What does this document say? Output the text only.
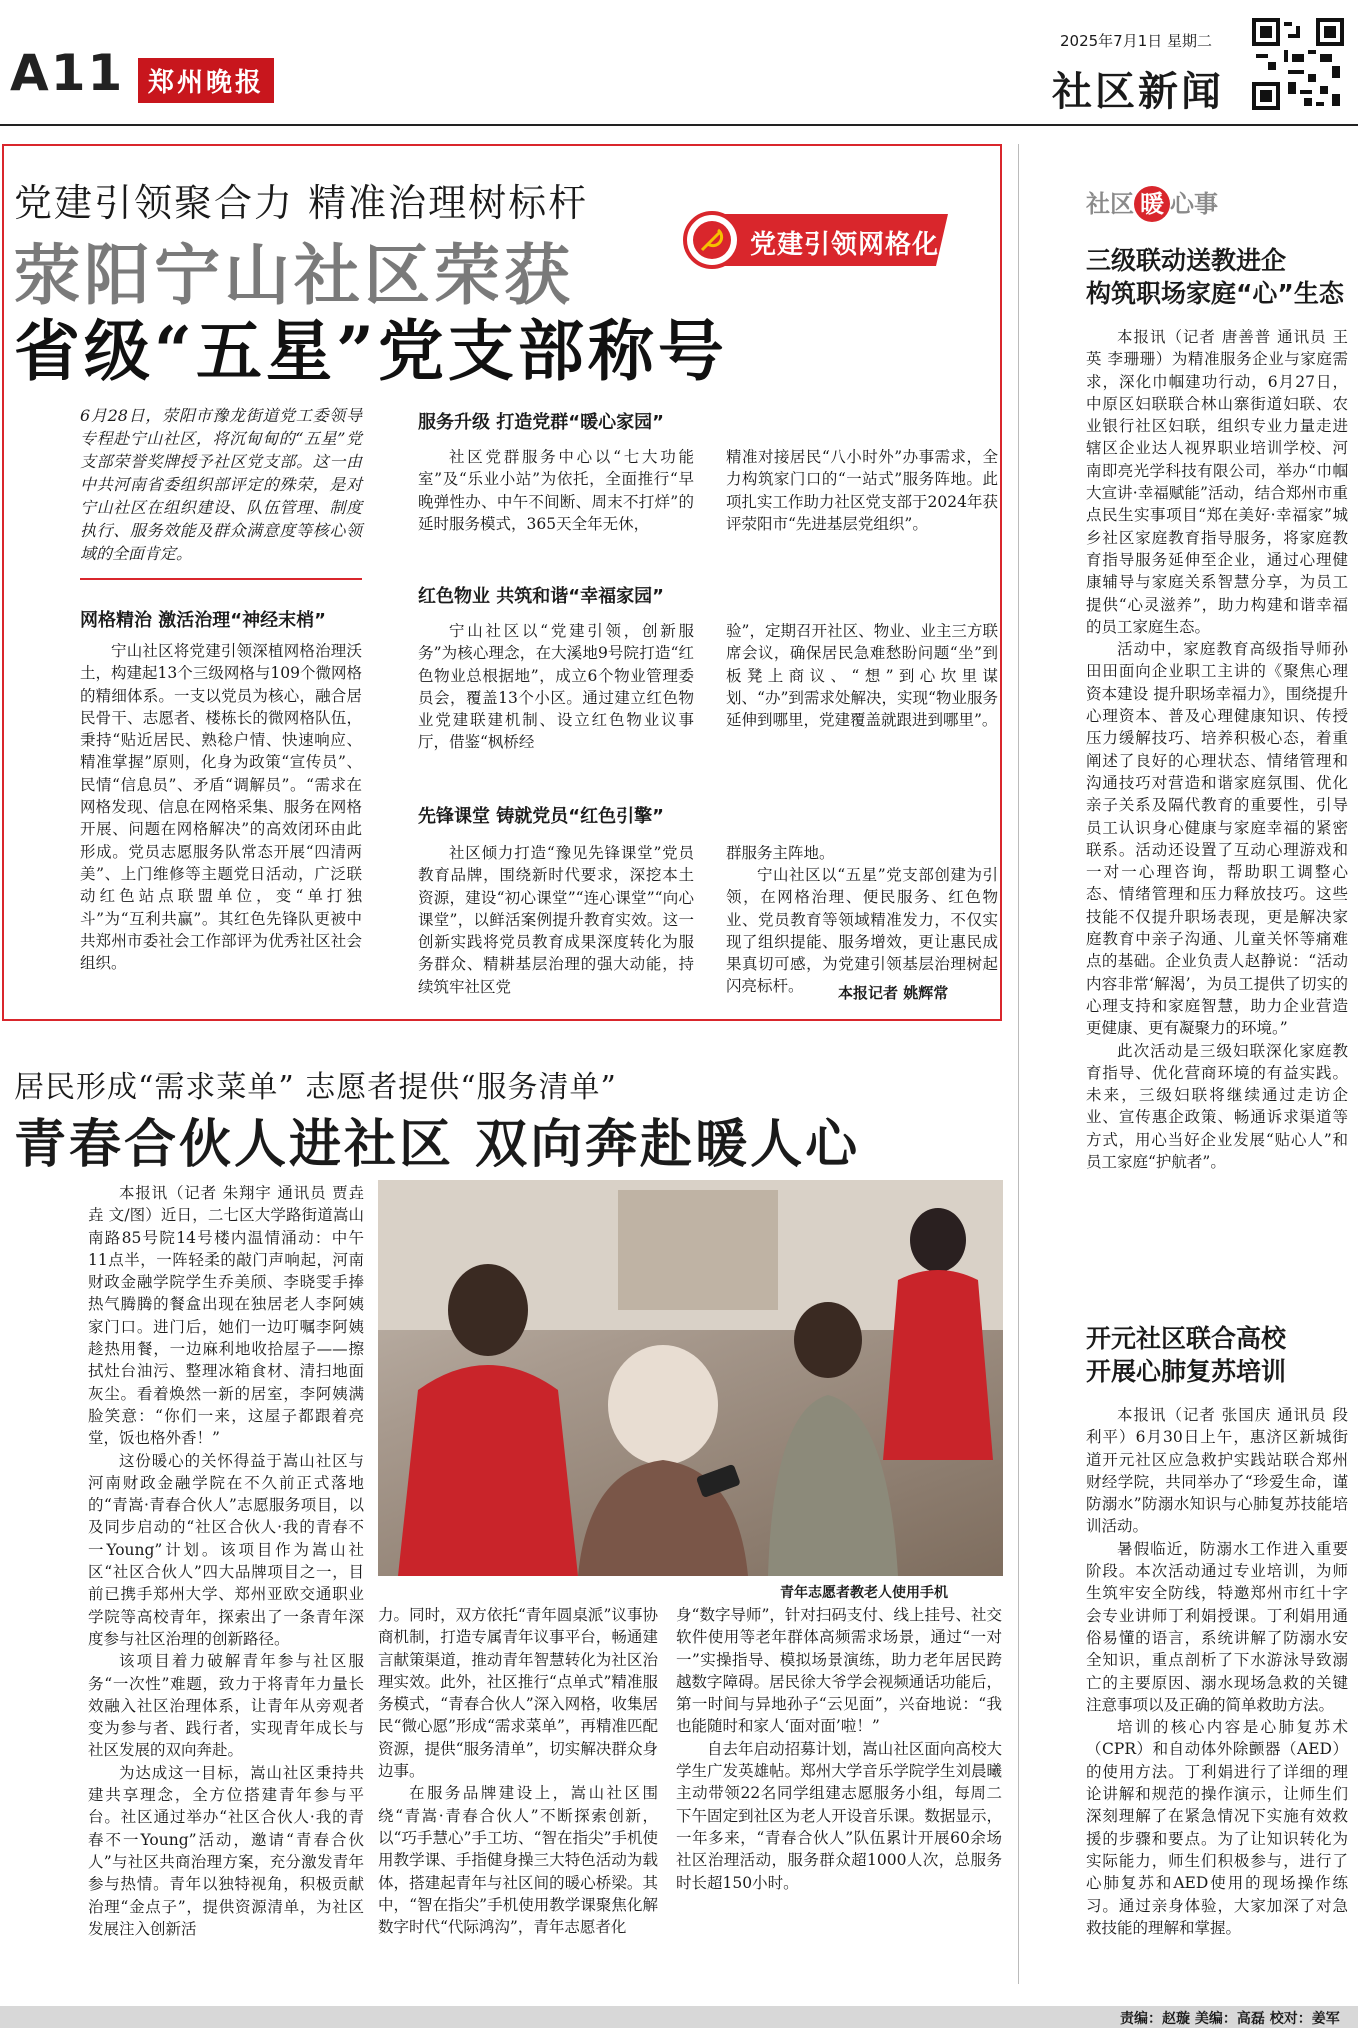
A11 郑州晚报
2025年7月1日 星期二
社区新闻
党建引领聚合力 精准治理树标杆
荥阳宁山社区荣获
省级“五星”党支部称号
党建引领网格化
6月28日，荥阳市豫龙街道党工委领导专程赴宁山社区，将沉甸甸的“五星”党支部荣誉奖牌授予社区党支部。这一由中共河南省委组织部评定的殊荣，是对宁山社区在组织建设、队伍管理、制度执行、服务效能及群众满意度等核心领域的全面肯定。
网格精治 激活治理“神经末梢”
宁山社区将党建引领深植网格治理沃土，构建起13个三级网格与109个微网格的精细体系。一支以党员为核心，融合居民骨干、志愿者、楼栋长的微网格队伍，秉持“贴近居民、熟稔户情、快速响应、精准掌握”原则，化身为政策“宣传员”、民情“信息员”、矛盾“调解员”。“需求在网格发现、信息在网格采集、服务在网格开展、问题在网格解决”的高效闭环由此形成。党员志愿服务队常态开展“四清两美”、上门维修等主题党日活动，广泛联动红色站点联盟单位，变“单打独斗”为“互利共赢”。其红色先锋队更被中共郑州市委社会工作部评为优秀社区社会组织。
服务升级 打造党群“暖心家园”
社区党群服务中心以“七大功能室”及“乐业小站”为依托，全面推行“早晚弹性办、中午不间断、周末不打烊”的延时服务模式，365天全年无休，
精准对接居民“八小时外”办事需求，全力构筑家门口的“一站式”服务阵地。此项扎实工作助力社区党支部于2024年获评荥阳市“先进基层党组织”。
红色物业 共筑和谐“幸福家园”
宁山社区以“党建引领，创新服务”为核心理念，在大溪地9号院打造“红色物业总根据地”，成立6个物业管理委员会，覆盖13个小区。通过建立红色物业党建联建机制、设立红色物业议事厅，借鉴“枫桥经
验”，定期召开社区、物业、业主三方联席会议，确保居民急难愁盼问题“坐”到板凳上商议、“想”到心坎里谋划、“办”到需求处解决，实现“物业服务延伸到哪里，党建覆盖就跟进到哪里”。
先锋课堂 铸就党员“红色引擎”
社区倾力打造“豫见先锋课堂”党员教育品牌，围绕新时代要求，深挖本土资源，建设“初心课堂”“连心课堂”“向心课堂”，以鲜活案例提升教育实效。这一创新实践将党员教育成果深度转化为服务群众、精耕基层治理的强大动能，持续筑牢社区党
群服务主阵地。
宁山社区以“五星”党支部创建为引领，在网格治理、便民服务、红色物业、党员教育等领域精准发力，不仅实现了组织提能、服务增效，更让惠民成果真切可感，为党建引领基层治理树起闪亮标杆。	本报记者 姚辉常
居民形成“需求菜单” 志愿者提供“服务清单”
青春合伙人进社区 双向奔赴暖人心
青年志愿者教老人使用手机

本报讯（记者 朱翔宇 通讯员 贾垚垚 文/图）近日，二七区大学路街道嵩山南路85号院14号楼内温情涌动：中午11点半，一阵轻柔的敲门声响起，河南财政金融学院学生乔美颀、李晓雯手捧热气腾腾的餐盒出现在独居老人李阿姨家门口。进门后，她们一边叮嘱李阿姨趁热用餐，一边麻利地收拾屋子——擦拭灶台油污、整理冰箱食材、清扫地面灰尘。看着焕然一新的居室，李阿姨满脸笑意：“你们一来，这屋子都跟着亮堂，饭也格外香！”

这份暖心的关怀得益于嵩山社区与河南财政金融学院在不久前正式落地的“青嵩·青春合伙人”志愿服务项目，以及同步启动的“社区合伙人·我的青春不一Young”计划。该项目作为嵩山社区“社区合伙人”四大品牌项目之一，目前已携手郑州大学、郑州亚欧交通职业学院等高校青年，探索出了一条青年深度参与社区治理的创新路径。

该项目着力破解青年参与社区服务“一次性”难题，致力于将青年力量长效融入社区治理体系，让青年从旁观者变为参与者、践行者，实现青年成长与社区发展的双向奔赴。

为达成这一目标，嵩山社区秉持共建共享理念，全方位搭建青年参与平台。社区通过举办“社区合伙人·我的青春不一Young”活动，邀请“青春合伙人”与社区共商治理方案，充分激发青年参与热情。青年以独特视角，积极贡献治理“金点子”，提供资源清单，为社区发展注入创新活

力。同时，双方依托“青年圆桌派”议事协商机制，打造专属青年议事平台，畅通建言献策渠道，推动青年智慧转化为社区治理实效。此外，社区推行“点单式”精准服务模式，“青春合伙人”深入网格，收集居民“微心愿”形成“需求菜单”，再精准匹配资源，提供“服务清单”，切实解决群众身边事。

在服务品牌建设上，嵩山社区围绕“青嵩·青春合伙人”不断探索创新，以“巧手慧心”手工坊、“智在指尖”手机使用教学课、手指健身操三大特色活动为载体，搭建起青年与社区间的暖心桥梁。其中，“智在指尖”手机使用教学课聚焦化解数字时代“代际鸿沟”，青年志愿者化

身“数字导师”，针对扫码支付、线上挂号、社交软件使用等老年群体高频需求场景，通过“一对一”实操指导、模拟场景演练，助力老年居民跨越数字障碍。居民徐大爷学会视频通话功能后，第一时间与异地孙子“云见面”，兴奋地说：“我也能随时和家人‘面对面’啦！”

自去年启动招募计划，嵩山社区面向高校大学生广发英雄帖。郑州大学音乐学院学生刘晨曦主动带领22名同学组建志愿服务小组，每周二下午固定到社区为老人开设音乐课。数据显示，一年多来，“青春合伙人”队伍累计开展60余场社区治理活动，服务群众超1000人次，总服务时长超150小时。

社区 暖 心事
三级联动送教进企
构筑职场家庭“心”生态

本报讯（记者 唐善普 通讯员 王英 李珊珊）为精准服务企业与家庭需求，深化巾帼建功行动，6月27日，中原区妇联联合林山寨街道妇联、农业银行社区妇联，组织专业力量走进辖区企业达人视界职业培训学校、河南即亮光学科技有限公司，举办“巾帼大宣讲·幸福赋能”活动，结合郑州市重点民生实事项目“郑在美好·幸福家”城乡社区家庭教育指导服务，将家庭教育指导服务延伸至企业，通过心理健康辅导与家庭关系智慧分享，为员工提供“心灵滋养”，助力构建和谐幸福的员工家庭生态。

活动中，家庭教育高级指导师孙田田面向企业职工主讲的《聚焦心理资本建设 提升职场幸福力》，围绕提升心理资本、普及心理健康知识、传授压力缓解技巧、培养积极心态，着重阐述了良好的心理状态、情绪管理和沟通技巧对营造和谐家庭氛围、优化亲子关系及隔代教育的重要性，引导员工认识身心健康与家庭幸福的紧密联系。活动还设置了互动心理游戏和一对一心理咨询，帮助职工调整心态、情绪管理和压力释放技巧。这些技能不仅提升职场表现，更是解决家庭教育中亲子沟通、儿童关怀等痛难点的基础。企业负责人赵静说：“活动内容非常‘解渴’，为员工提供了切实的心理支持和家庭智慧，助力企业营造更健康、更有凝聚力的环境。”

此次活动是三级妇联深化家庭教育指导、优化营商环境的有益实践。未来，三级妇联将继续通过走访企业、宣传惠企政策、畅通诉求渠道等方式，用心当好企业发展“贴心人”和员工家庭“护航者”。

开元社区联合高校
开展心肺复苏培训

本报讯（记者 张国庆 通讯员 段利平）6月30日上午，惠济区新城街道开元社区应急救护实践站联合郑州财经学院，共同举办了“珍爱生命，谨防溺水”防溺水知识与心肺复苏技能培训活动。

暑假临近，防溺水工作进入重要阶段。本次活动通过专业培训，为师生筑牢安全防线，特邀郑州市红十字会专业讲师丁利娟授课。丁利娟用通俗易懂的语言，系统讲解了防溺水安全知识，重点剖析了下水游泳导致溺亡的主要原因、溺水现场急救的关键注意事项以及正确的简单救助方法。

培训的核心内容是心肺复苏术（CPR）和自动体外除颤器（AED）的使用方法。丁利娟进行了详细的理论讲解和规范的操作演示，让师生们深刻理解了在紧急情况下实施有效救援的步骤和要点。为了让知识转化为实际能力，师生们积极参与，进行了心肺复苏和AED使用的现场操作练习。通过亲身体验，大家加深了对急救技能的理解和掌握。

责编：赵璇 美编：高磊 校对：姜军
